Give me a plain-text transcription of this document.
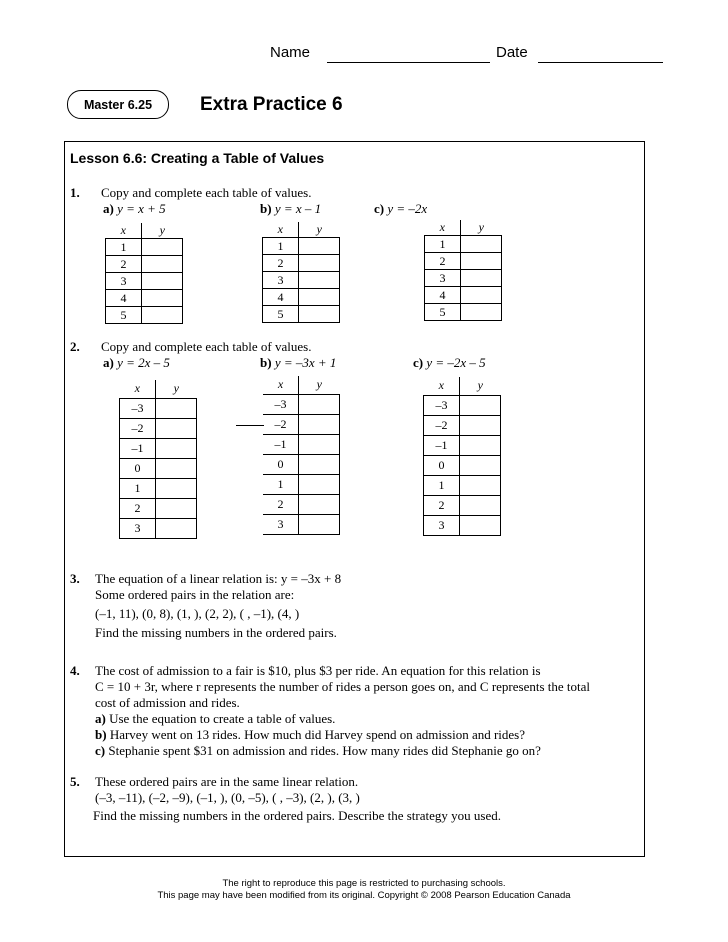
Name	Date
Master 6.25	Extra Practice 6
Lesson 6.6: Creating a Table of Values
1. Copy and complete each table of values.
a) y = x + 5	b) y = x – 1	c) y = –2x
x	y
1	
2	
3	
4	
5	
x	y
1	
2	
3	
4	
5	
x	y
1	
2	
3	
4	
5	
2. Copy and complete each table of values.
a) y = 2x – 5	b) y = –3x + 1	c) y = –2x – 5
x	y
–3	
–2	
–1	
0	
1	
2	
3	
x	y
–3	
–2	
–1	
0	
1	
2	
3	
x	y
–3	
–2	
–1	
0	
1	
2	
3	
3. The equation of a linear relation is: y = –3x + 8
Some ordered pairs in the relation are:
(–1, 11), (0, 8), (1, ), (2, 2), ( , –1), (4, )
Find the missing numbers in the ordered pairs.
4. The cost of admission to a fair is $10, plus $3 per ride. An equation for this relation is
C = 10 + 3r, where r represents the number of rides a person goes on, and C represents the total
cost of admission and rides.
a) Use the equation to create a table of values.
b) Harvey went on 13 rides. How much did Harvey spend on admission and rides?
c) Stephanie spent $31 on admission and rides. How many rides did Stephanie go on?
5. These ordered pairs are in the same linear relation.
(–3, –11), (–2, –9), (–1, ), (0, –5), ( , –3), (2, ), (3, )
Find the missing numbers in the ordered pairs. Describe the strategy you used.
The right to reproduce this page is restricted to purchasing schools.
This page may have been modified from its original. Copyright © 2008 Pearson Education Canada
